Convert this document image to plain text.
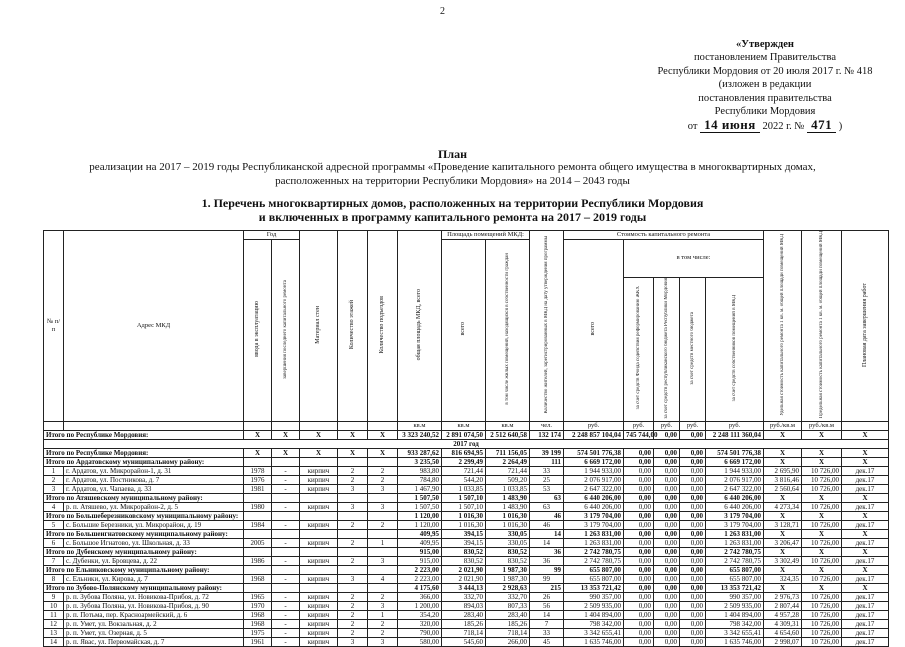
2
«Утвержден
постановлением Правительства
Республики Мордовия от 20 июля 2017 г. № 418
(изложен в редакции
постановления правительства
Республики Мордовия
от 14 июня 2022 г. № 471 )
План
реализации на 2017 – 2019 годы Республиканской адресной программы «Проведение капитального ремонта общего имущества в многоквартирных домах,
расположенных на территории Республики Мордовия» на 2014 – 2043 годы
1. Перечень многоквартирных домов, расположенных на территории Республики Мордовия
и включенных в программу капитального ремонта на 2017 – 2019 годы
№ п/п	Адрес МКД	Год		Материал стен	Количество этажей	Количество подъездов	общая площадь МКД, всего	Площадь помещений МКД:		Количество жителей, зарегистрированных в МКД на дату утверждения программы	Стоимость капитального ремонта					Удельная стоимость капитального ремонта 1 кв. м. общей площади помещений МКД	Предельная стоимость капитального ремонта 1 кв. м. общей площади помещений МКД	Плановая дата завершения работ
		ввода в эксплуатацию	завершения последнего капитального ремонта					всего	в том числе жилых помещений, находящихся в собственности граждан		всего	в том числе:						
												за счет средств Фонда содействия реформированию ЖКХ	за счет средств республиканского бюджета Республики Мордовия	за счет средств местного бюджета	за счет средств собственников помещений в МКД			
							кв.м	кв.м	кв.м	чел.	руб.	руб.	руб.	руб.	руб.	руб./кв.м	руб./кв.м	
Итого по Республике Мордовия:		X	X	X	X	X	3 323 240,52	2 891 074,50	2 512 640,58	132 174	2 248 857 104,04	745 744,00	0,00	0,00	2 248 111 360,04	X	X	X
2017 год																		
Итого по Республике Мордовия:		X	X	X	X	X	933 287,62	816 694,95	711 156,05	39 199	574 501 776,38	0,00	0,00	0,00	574 501 776,38	X	X	X
Итого по Ардатовскому муниципальному району:							3 235,50	2 299,49	2 264,49	111	6 669 172,00	0,00	0,00	0,00	6 669 172,00	X	X	X
1	г. Ардатов, ул. Микрорайон-1, д. 31	1978	-	кирпич	2	2	983,80	721,44	721,44	33	1 944 933,00	0,00	0,00	0,00	1 944 933,00	2 695,90	10 726,00	дек.17
2	г. Ардатов, ул. Постникова, д. 7	1976	-	кирпич	2	2	784,80	544,20	509,20	25	2 076 917,00	0,00	0,00	0,00	2 076 917,00	3 816,46	10 726,00	дек.17
3	г. Ардатов, ул. Чапаева, д. 33	1981	-	кирпич	3	3	1 467,90	1 033,85	1 033,85	53	2 647 322,00	0,00	0,00	0,00	2 647 322,00	2 560,64	10 726,00	дек.17
Итого по Атяшевскому муниципальному району:							1 507,50	1 507,10	1 483,90	63	6 440 206,00	0,00	0,00	0,00	6 440 206,00	X	X	X
4	р. п. Атяшево, ул. Микрорайон-2, д. 5	1980	-	кирпич	3	3	1 507,50	1 507,10	1 483,90	63	6 440 206,00	0,00	0,00	0,00	6 440 206,00	4 273,34	10 726,00	дек.17
Итого по Большеберезниковскому муниципальному району:							1 120,00	1 016,30	1 016,30	46	3 179 704,00	0,00	0,00	0,00	3 179 704,00	X	X	X
5	с. Большие Березники, ул. Микрорайон, д. 19	1984	-	кирпич	2	2	1 120,00	1 016,30	1 016,30	46	3 179 704,00	0,00	0,00	0,00	3 179 704,00	3 128,71	10 726,00	дек.17
Итого по Большеигнатовскому муниципальному району:							409,95	394,15	330,05	14	1 263 831,00	0,00	0,00	0,00	1 263 831,00	X	X	X
6	с. Большое Игнатово, ул. Школьная, д. 33	2005	-	кирпич	2	1	409,95	394,15	330,05	14	1 263 831,00	0,00	0,00	0,00	1 263 831,00	3 206,47	10 726,00	дек.17
Итого по Дубенскому муниципальному району:							915,00	830,52	830,52	36	2 742 780,75	0,00	0,00	0,00	2 742 780,75	X	X	X
7	с. Дубенки, ул. Бровцева, д. 22	1986	-	кирпич	2	3	915,00	830,52	830,52	36	2 742 780,75	0,00	0,00	0,00	2 742 780,75	3 302,49	10 726,00	дек.17
Итого по Ельниковскому муниципальному району:							2 223,00	2 021,90	1 987,30	99	655 807,00	0,00	0,00	0,00	655 807,00	X	X	X
8	с. Ельники, ул. Кирова, д. 7	1968	-	кирпич	3	4	2 223,00	2 021,90	1 987,30	99	655 807,00	0,00	0,00	0,00	655 807,00	324,35	10 726,00	дек.17
Итого по Зубово-Полянскому муниципальному району:							4 175,60	3 444,13	2 928,63	215	13 353 721,42	0,00	0,00	0,00	13 353 721,42	X	X	X
9	р. п. Зубова Поляна, ул. Новикова-Прибоя, д. 72	1965	-	кирпич	2	2	366,00	332,70	332,70	26	990 357,00	0,00	0,00	0,00	990 357,00	2 976,73	10 726,00	дек.17
10	р. п. Зубова Поляна, ул. Новикова-Прибоя, д. 90	1970	-	кирпич	2	3	1 200,00	894,03	807,33	56	2 509 935,00	0,00	0,00	0,00	2 509 935,00	2 807,44	10 726,00	дек.17
11	р. п. Потьма, пер. Красноармейский, д. 6	1968	-	кирпич	2	1	354,20	283,40	283,40	14	1 404 894,00	0,00	0,00	0,00	1 404 894,00	4 957,28	10 726,00	дек.17
12	р. п. Умет, ул. Вокзальная, д. 2	1968	-	кирпич	2	2	320,00	185,26	185,26	7	798 342,00	0,00	0,00	0,00	798 342,00	4 309,31	10 726,00	дек.17
13	р. п. Умет, ул. Озерная, д. 5	1975	-	кирпич	2	2	790,00	718,14	718,14	33	3 342 655,41	0,00	0,00	0,00	3 342 655,41	4 654,60	10 726,00	дек.17
14	р. п. Явас, ул. Первомайская, д. 7	1961	-	кирпич	3	3	580,00	545,60	266,00	45	1 635 746,00	0,00	0,00	0,00	1 635 746,00	2 998,07	10 726,00	дек.17
